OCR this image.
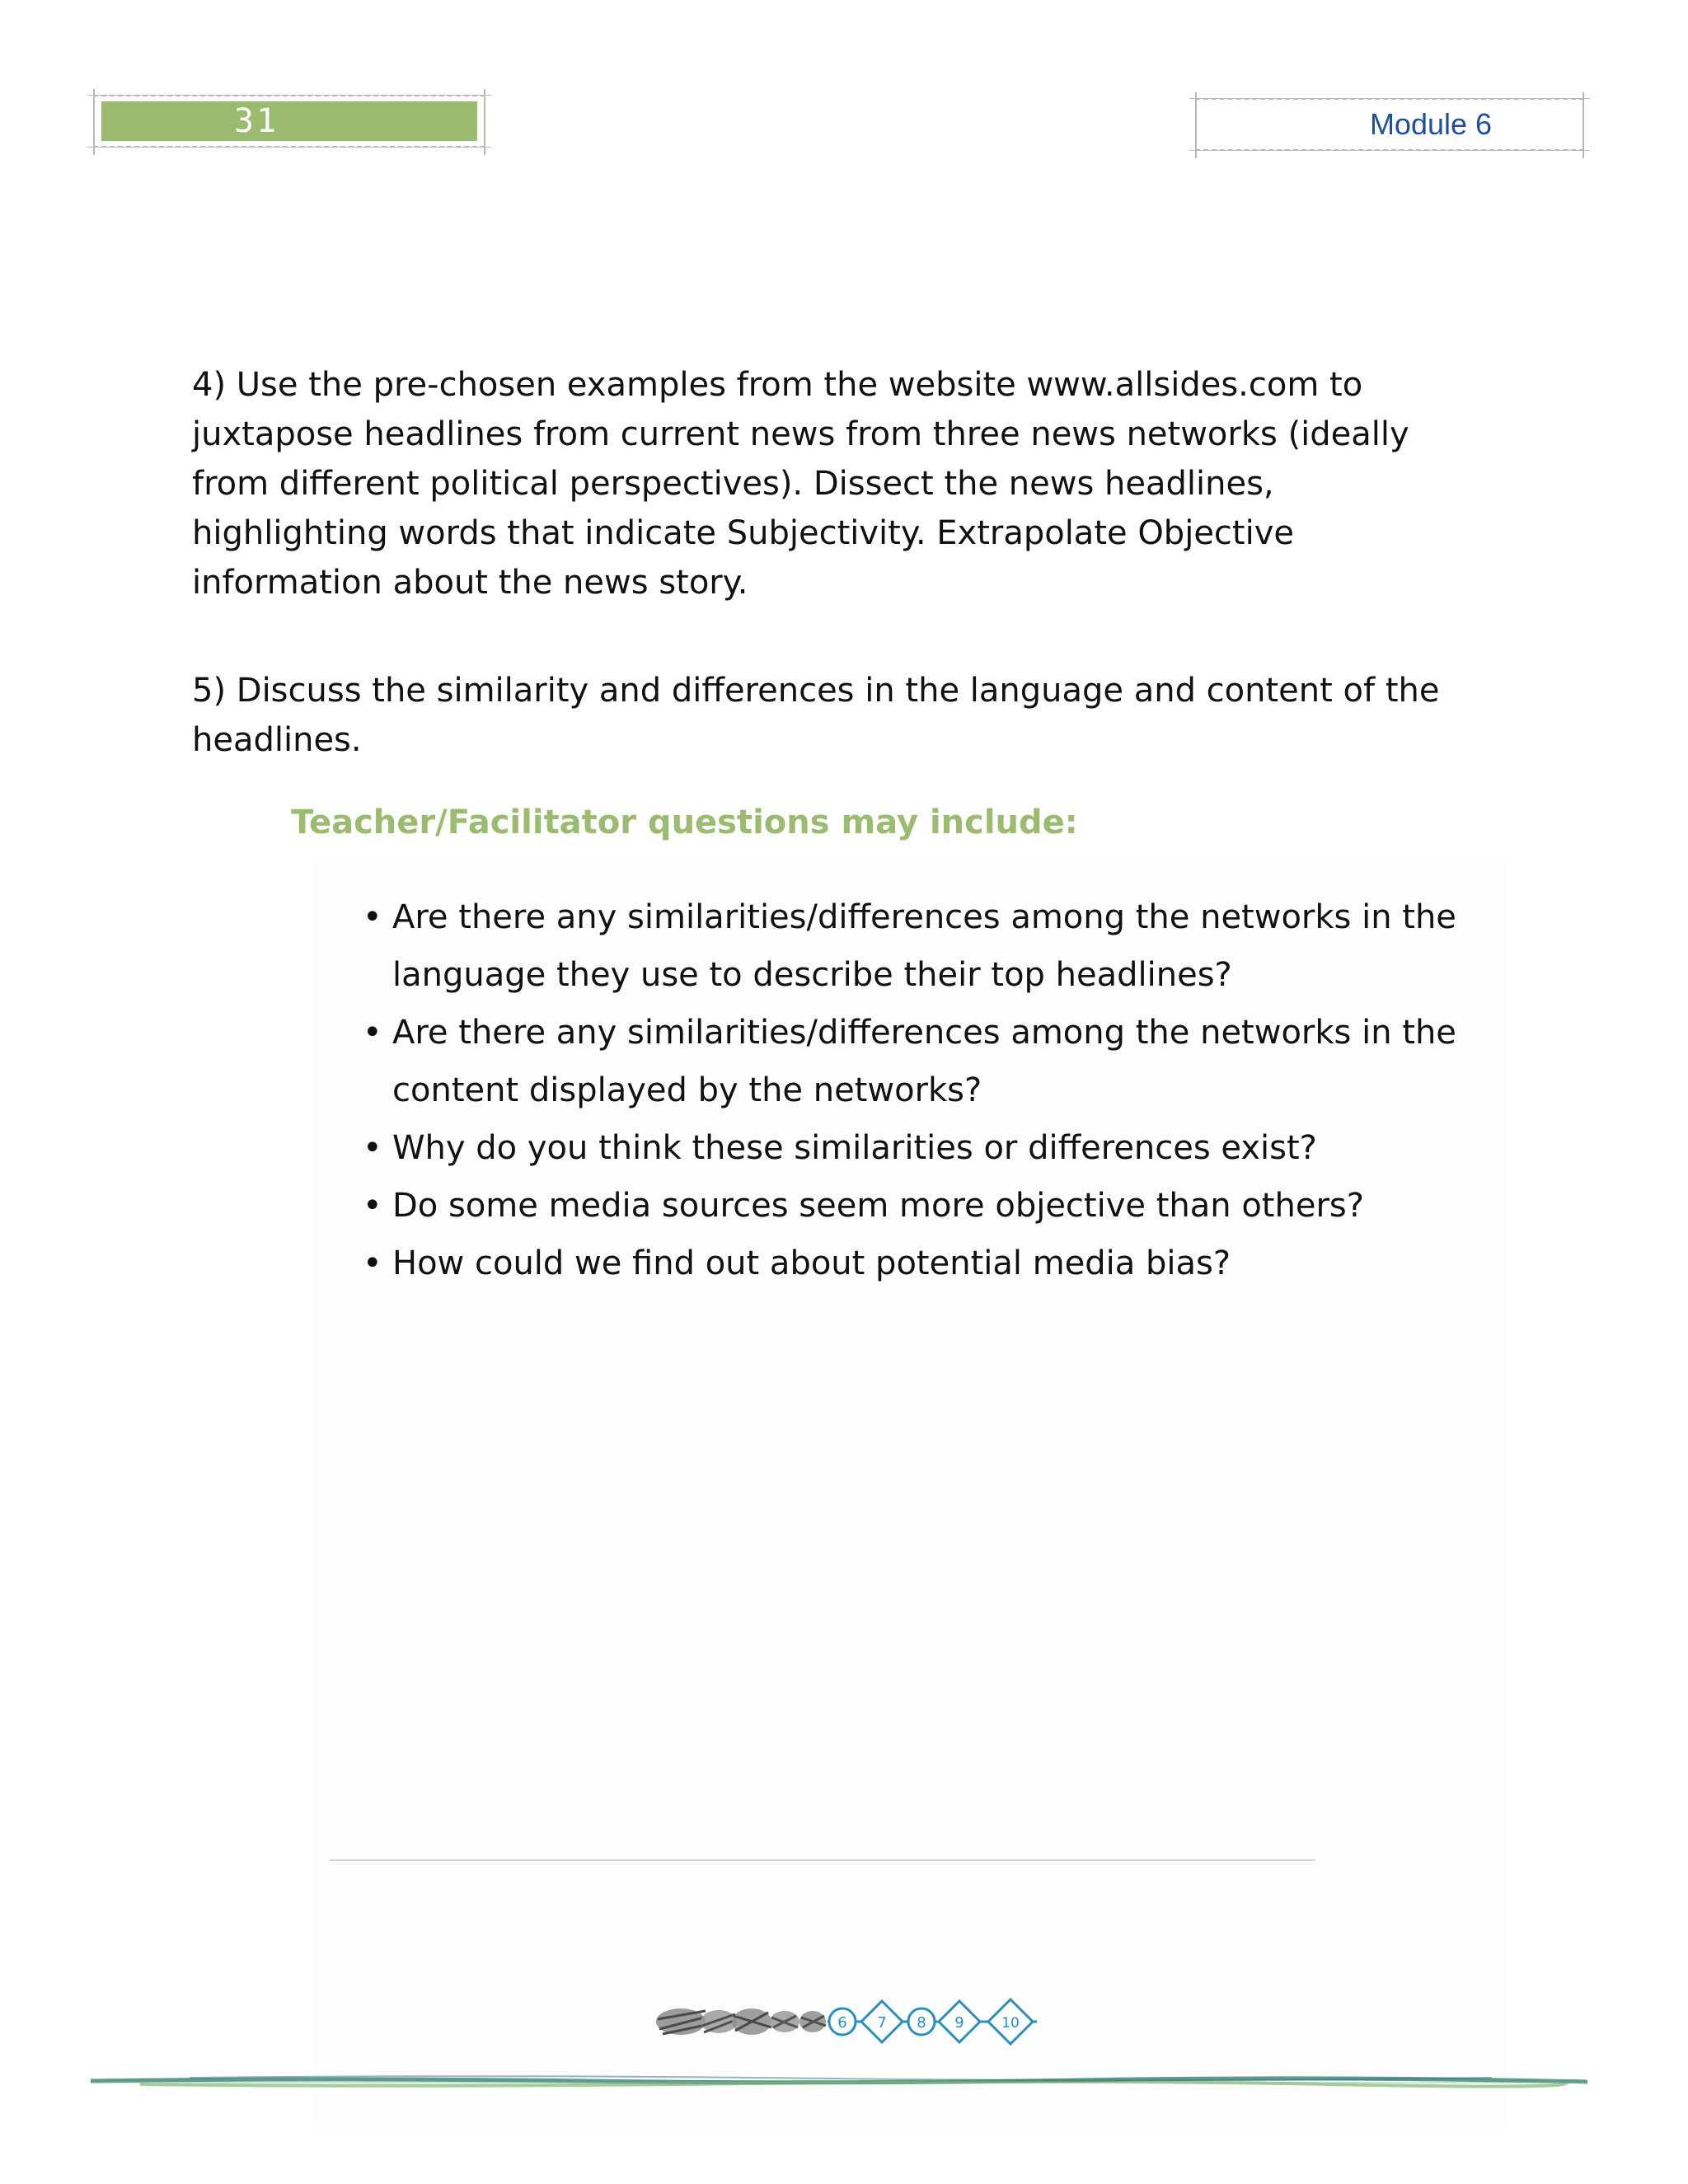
31	Module 6

4) Use the pre-chosen examples from the website www.allsides.com to juxtapose headlines from current news from three news networks (ideally from different political perspectives). Dissect the news headlines, highlighting words that indicate Subjectivity. Extrapolate Objective information about the news story.

5) Discuss the similarity and differences in the language and content of the headlines.

Teacher/Facilitator questions may include:

• Are there any similarities/differences among the networks in the language they use to describe their top headlines?
• Are there any similarities/differences among the networks in the content displayed by the networks?
• Why do you think these similarities or differences exist?
• Do some media sources seem more objective than others?
• How could we find out about potential media bias?
6 7 8 9	10
